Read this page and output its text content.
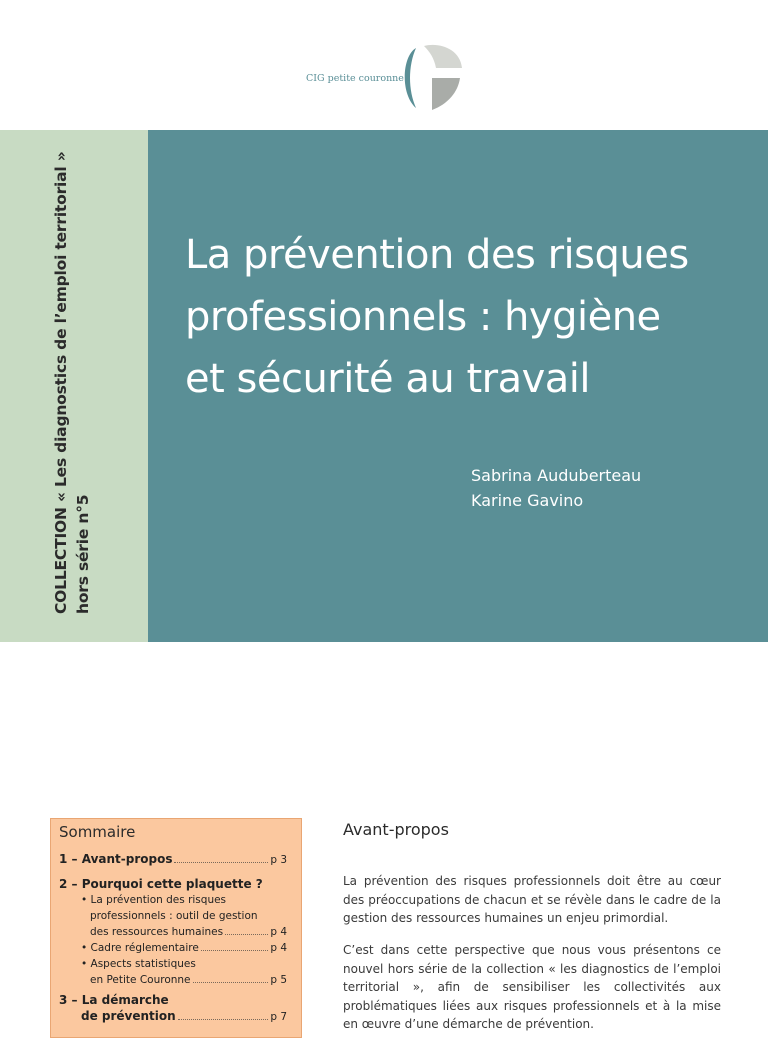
CIG petite couronne
COLLECTION « Les diagnostics de l’emploi territorial » hors série n°5
La prévention des risques
professionnels : hygiène
et sécurité au travail
Sabrina Auduberteau
Karine Gavino
Sommaire
1 – Avant-propos	p 3
2 – Pourquoi cette plaquette ?
• La prévention des risques
professionnels : outil de gestion
des ressources humaines	p 4
• Cadre réglementaire	p 4
• Aspects statistiques
en Petite Couronne	p 5
3 – La démarche
de prévention	p 7
Avant-propos
La prévention des risques professionnels doit être au cœur des préoccupations de chacun et se révèle dans le cadre de la gestion des ressources humaines un enjeu primordial.
C’est dans cette perspective que nous vous présentons ce nouvel hors série de la collection « les diagnostics de l’emploi territorial », afin de sensibiliser les collectivités aux problématiques liées aux risques professionnels et à la mise en œuvre d’une démarche de prévention.
